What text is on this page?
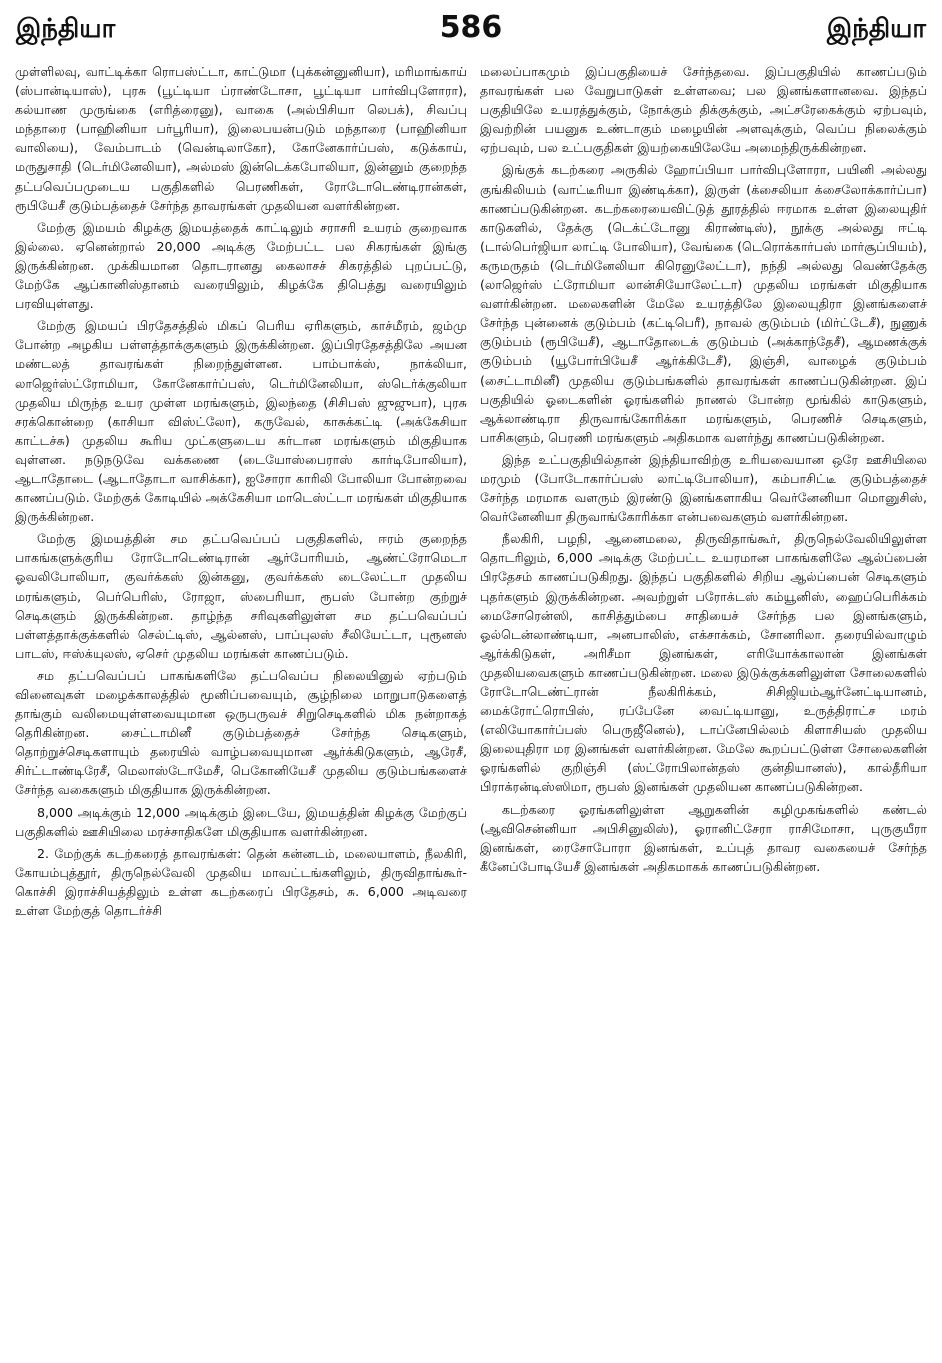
இந்தியா	586	இந்தியா

முள்ளிலவு, வாட்டிக்கா ரொபஸ்ட்டா, காட்டுமா (புக்கன்னுனியா), மரிமாங்காய் (ஸ்பான்டியாஸ்), புரசு (பூட்டியா ப்ராண்டோசா, பூட்டியா பார்விபுளோரா), கல்யாண முருங்கை (எரித்ரைனு), வாகை (அல்பிசியா லெபக்), சிவப்பு மந்தாரை (பாஹினியா பர்பூரியா), இலைபயன்படும் மந்தாரை (பாஹினியா வாலியை), வேம்பாடம் (வென்டிலாகோ), கோனேகார்ப்பஸ், கடுக்காய், மருதுசாதி (டெர்மினேலியா), அல்மஸ் இன்டெக்கபோலியா, இன்னும் குறைந்த தட்பவெப்பமுடைய பகுதிகளில் பெரணிகள், ரோடோடெண்டிரான்கள், ரூபியேசீ குடும்பத்தைச் சேர்ந்த தாவரங்கள் முதலியன வளர்கின்றன.

மேற்கு இமயம் கிழக்கு இமயத்தைக் காட்டிலும் சராசரி உயரம் குறைவாக இல்லை. ஏனென்றால் 20,000 அடிக்கு மேற்பட்ட பல சிகரங்கள் இங்கு இருக்கின்றன. முக்கியமான தொடரானது கைலாசச் சிகரத்தில் புறப்பட்டு, மேற்கே ஆப்கானிஸ்தானம் வரையிலும், கிழக்கே திபெத்து வரையிலும் பரவியுள்ளது.

மேற்கு இமயப் பிரதேசத்தில் மிகப் பெரிய ஏரிகளும், காச்மீரம், ஜம்மு போன்ற அழகிய பள்ளத்தாக்குகளும் இருக்கின்றன. இப்பிரதேசத்திலே அயன மண்டலத் தாவரங்கள் நிறைந்துள்ளன. பாம்பாக்ஸ், நாக்லியா, லாஜெர்ஸ்ட்ரோமியா, கோனேகார்ப்பஸ், டெர்மினேலியா, ஸ்டெர்க்குலியா முதலிய மிருந்த உயர முள்ள மரங்களும், இலந்தை (சிசிபஸ் ஜுஜுபா), புரசு சரக்கொன்றை (காசியா விஸ்ட்லோ), கருவேல், காசுக்கட்டி (அக்கேசியா காட்டச்சு) முதலிய கூரிய முட்களுடைய கர்டான மரங்களும் மிகுதியாக வுள்ளன. நடுநடுவே வக்கணை (டையோஸ்பைராஸ் கார்டிபோலியா), ஆடாதோடை (ஆடாதோடா வாசிக்கா), ஐசோரா காரிலி போலியா போன்றவை காணப்படும். மேற்குக் கோடியில் அக்கேசியா மாடெஸ்ட்டா மரங்கள் மிகுதியாக இருக்கின்றன.

மேற்கு இமயத்தின் சம தட்பவெப்பப் பகுதிகளில், ஈரம் குறைந்த பாகங்களுக்குரிய ரோடோடெண்டிரான் ஆர்போரியம், ஆண்ட்ரோமெடா ஓவலிபோலியா, குவர்க்கஸ் இன்கனு, குவர்க்கஸ் டைலேட்டா முதலிய மரங்களும், பெர்பெரிஸ், ரோஜா, ஸ்பைரியா, ரூபஸ் போன்ற குற்றுச் செடிகளும் இருக்கின்றன. தாழ்ந்த சரிவுகளிலுள்ள சம தட்பவெப்பப் பள்ளத்தாக்குக்களில் செல்ட்டிஸ், ஆல்னஸ், பாப்புலஸ் சீலியேட்டா, புரூனஸ் பாடஸ், ஈஸ்க்யுலஸ், ஏசெர் முதலிய மரங்கள் காணப்படும்.

சம தட்பவெப்பப் பாகங்களிலே தட்பவெப்ப நிலையினுல் ஏற்படும் வினைவுகள் மழைக்காலத்தில் மூனிப்பவையும், சூழ்நிலை மாறுபாடுகளைத் தாங்கும் வலிமையுள்ளவையுமான ஒருபருவச் சிறுசெடிகளில் மிக நன்றாகத் தெரிகின்றன. சைட்டாமினீ குடும்பத்தைச் சேர்ந்த செடிகளும், தொற்றுச்செடிகளாயும் தரையில் வாழ்பவையுமான ஆர்க்கிடுகளும், ஆரேசீ, சிர்ட்டாண்டிரேசீ, மெலாஸ்டோமேசீ, பெகோனியேசீ முதலிய குடும்பங்களைச் சேர்ந்த வகைகளும் மிகுதியாக இருக்கின்றன.

8,000 அடிக்கும் 12,000 அடிக்கும் இடையே, இமயத்தின் கிழக்கு மேற்குப் பகுதிகளில் ஊசியிலை மரச்சாதிகளே மிகுதியாக வளர்கின்றன.

2. மேற்குக் கடற்கரைத் தாவரங்கள்: தென் கன்னடம், மலையாளம், நீலகிரி, கோயம்புத்தூர், திருநெல்வேலி முதலிய மாவட்டங்களிலும், திருவிதாங்கூர்-கொச்சி இராச்சியத்திலும் உள்ள கடற்கரைப் பிரதேசம், சு. 6,000 அடிவரை உள்ள மேற்குத் தொடர்ச்சி

மலைப்பாகமும் இப்பகுதியைச் சேர்ந்தவை. இப்பகுதியில் காணப்படும் தாவரங்கள் பல வேறுபாடுகள் உள்ளவை; பல இனங்களானவை. இந்தப் பகுதியிலே உயரத்துக்கும், நோக்கும் திக்குக்கும், அட்சரேகைக்கும் ஏற்பவும், இவற்றின் பயனுக உண்டாகும் மழையின் அளவுக்கும், வெப்ப நிலைக்கும் ஏற்பவும், பல உட்பகுதிகள் இயற்கையிலேயே அமைந்திருக்கின்றன.

இங்குக் கடற்கரை அருகில் ஹோப்பியா பார்விபுளோரா, பயினி அல்லது குங்கிலியம் (வாட்டீரியா இண்டிக்கா), இருள் (க்சைலியா க்சைலோக்கார்ப்பா) காணப்படுகின்றன. கடற்கரையைவிட்டுத் தூரத்தில் ஈரமாக உள்ள இலையுதிர் காடுகளில், தேக்கு (டெக்ட்டோனு கிராண்டிஸ்), நூக்கு அல்லது ஈட்டி (டால்பெர்ஜியா லாட்டி போலியா), வேங்கை (டெரொக்கார்பஸ் மார்சூப்பியம்), கருமருதம் (டெர்மினேலியா கிரெனுலேட்டா), நந்தி அல்லது வெண்தேக்கு (லாஜெர்ஸ் ட்ரோமியா லான்சியோலேட்டா) முதலிய மரங்கள் மிகுதியாக வளர்கின்றன. மலைகளின் மேலே உயரத்திலே இலையுதிரா இனங்களைச் சேர்ந்த புன்னைக் குடும்பம் (கட்டிபெரீ), நாவல் குடும்பம் (மிர்ட்டேசீ), நுணுக் குடும்பம் (ரூபியேசீ), ஆடாதோடைக் குடும்பம் (அக்காந்தேசீ), ஆமணக்குக் குடும்பம் (யூபோர்பியேசீ ஆர்க்கிடேசீ), இஞ்சி, வாழைக் குடும்பம் (சைட்டாமினீ) முதலிய குடும்பங்களில் தாவரங்கள் காணப்படுகின்றன. இப் பகுதியில் ஓடைகளின் ஓரங்களில் நாணல் போன்ற மூங்கில் காடுகளும், ஆக்லாண்டிரா திருவாங்கோரிக்கா மரங்களும், பெரணிச் செடிகளும், பாசிகளும், பெரணி மரங்களும் அதிகமாக வளர்ந்து காணப்படுகின்றன.

இந்த உட்பகுதியில்தான் இந்தியாவிற்கு உரியவையான ஒரே ஊசியிலை மரமும் (போடோகார்ப்பஸ் லாட்டிபோலியா), கம்பாசிட்டீ குடும்பத்தைச் சேர்ந்த மரமாக வளரும் இரண்டு இனங்களாகிய வெர்னேனியா மொனுசிஸ், வெர்னேனியா திருவாங்கோரிக்கா என்பவைகளும் வளர்கின்றன.

நீலகிரி, பழநி, ஆனைமலை, திருவிதாங்கூர், திருநெல்வேலியிலுள்ள தொடரிலும், 6,000 அடிக்கு மேற்பட்ட உயரமான பாகங்களிலே ஆல்ப்பைன் பிரதேசம் காணப்படுகிறது. இந்தப் பகுதிகளில் சிறிய ஆல்ப்பைன் செடிகளும் புதர்களும் இருக்கின்றன. அவற்றுள் பரோக்டஸ் கம்யூனிஸ், ஹைப்பெரிக்கம் மைசோரென்ஸி, காசித்தும்பை சாதியைச் சேர்ந்த பல இனங்களும், ஓல்டென்லாண்டியா, அனபாலிஸ், எக்சாக்கம், சோனரிலா. தரையில்வாழும் ஆர்க்கிடுகள், அரிசீமா இனங்கள், எரியோக்காலான் இனங்கள் முதலியவைகளும் காணப்படுகின்றன. மலை இடுக்குக்களிலுள்ள சோலைகளில் ரோடோடெண்ட்ரான் நீலகிரிக்கம், சிசிஜியம்ஆர்னேட்டியானம், மைக்ரோட்ரொபிஸ், ரப்பேனே வைட்டியானு, உருத்திராட்ச மரம் (எலியோகார்ப்பஸ் பெருஜீனெல்), டாப்னேபில்லம் கிளாசியஸ் முதலிய இலையுதிரா மர இனங்கள் வளர்கின்றன. மேலே கூறப்பட்டுள்ள சோலைகளின் ஓரங்களில் குறிஞ்சி (ஸ்ட்ரோபிலான்தஸ் குன்தியானஸ்), கால்தீரியா பிராக்ரன்டிஸ்ஸிமா, ரூபஸ் இனங்கள் முதலியன காணப்படுகின்றன.

கடற்கரை ஓரங்களிலுள்ள ஆறுகளின் கழிமுகங்களில் கண்டல் (ஆவிசென்னியா அபிசினுலிஸ்), ஓரானிட்சேரா ராசிமோசா, புருகுயீரா இனங்கள், ரைசோபோரா இனங்கள், உப்புத் தாவர வகையைச் சேர்ந்த கீனேப்போடியேசீ இனங்கள் அதிகமாகக் காணப்படுகின்றன.
